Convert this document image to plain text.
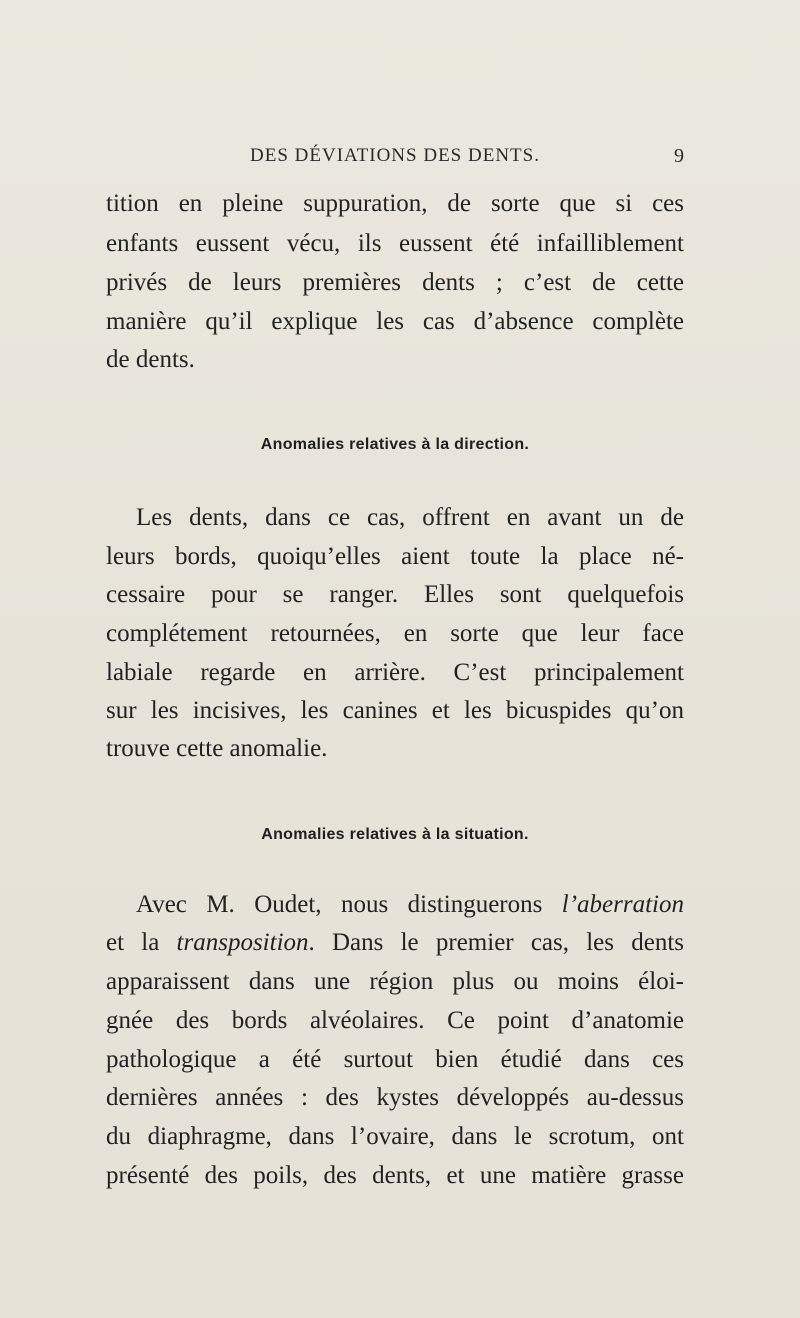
DES DÉVIATIONS DES DENTS.	9
tition en pleine suppuration, de sorte que si ces
enfants eussent vécu, ils eussent été infailliblement
privés de leurs premières dents ; c’est de cette
manière qu’il explique les cas d’absence complète
de dents.
Anomalies relatives à la direction.
Les dents, dans ce cas, offrent en avant un de
leurs bords, quoiqu’elles aient toute la place né-
cessaire pour se ranger. Elles sont quelquefois
complétement retournées, en sorte que leur face
labiale regarde en arrière. C’est principalement
sur les incisives, les canines et les bicuspides qu’on
trouve cette anomalie.
Anomalies relatives à la situation.
Avec M. Oudet, nous distinguerons l’aberration
et la transposition. Dans le premier cas, les dents
apparaissent dans une région plus ou moins éloi-
gnée des bords alvéolaires. Ce point d’anatomie
pathologique a été surtout bien étudié dans ces
dernières années : des kystes développés au-dessus
du diaphragme, dans l’ovaire, dans le scrotum, ont
présenté des poils, des dents, et une matière grasse
